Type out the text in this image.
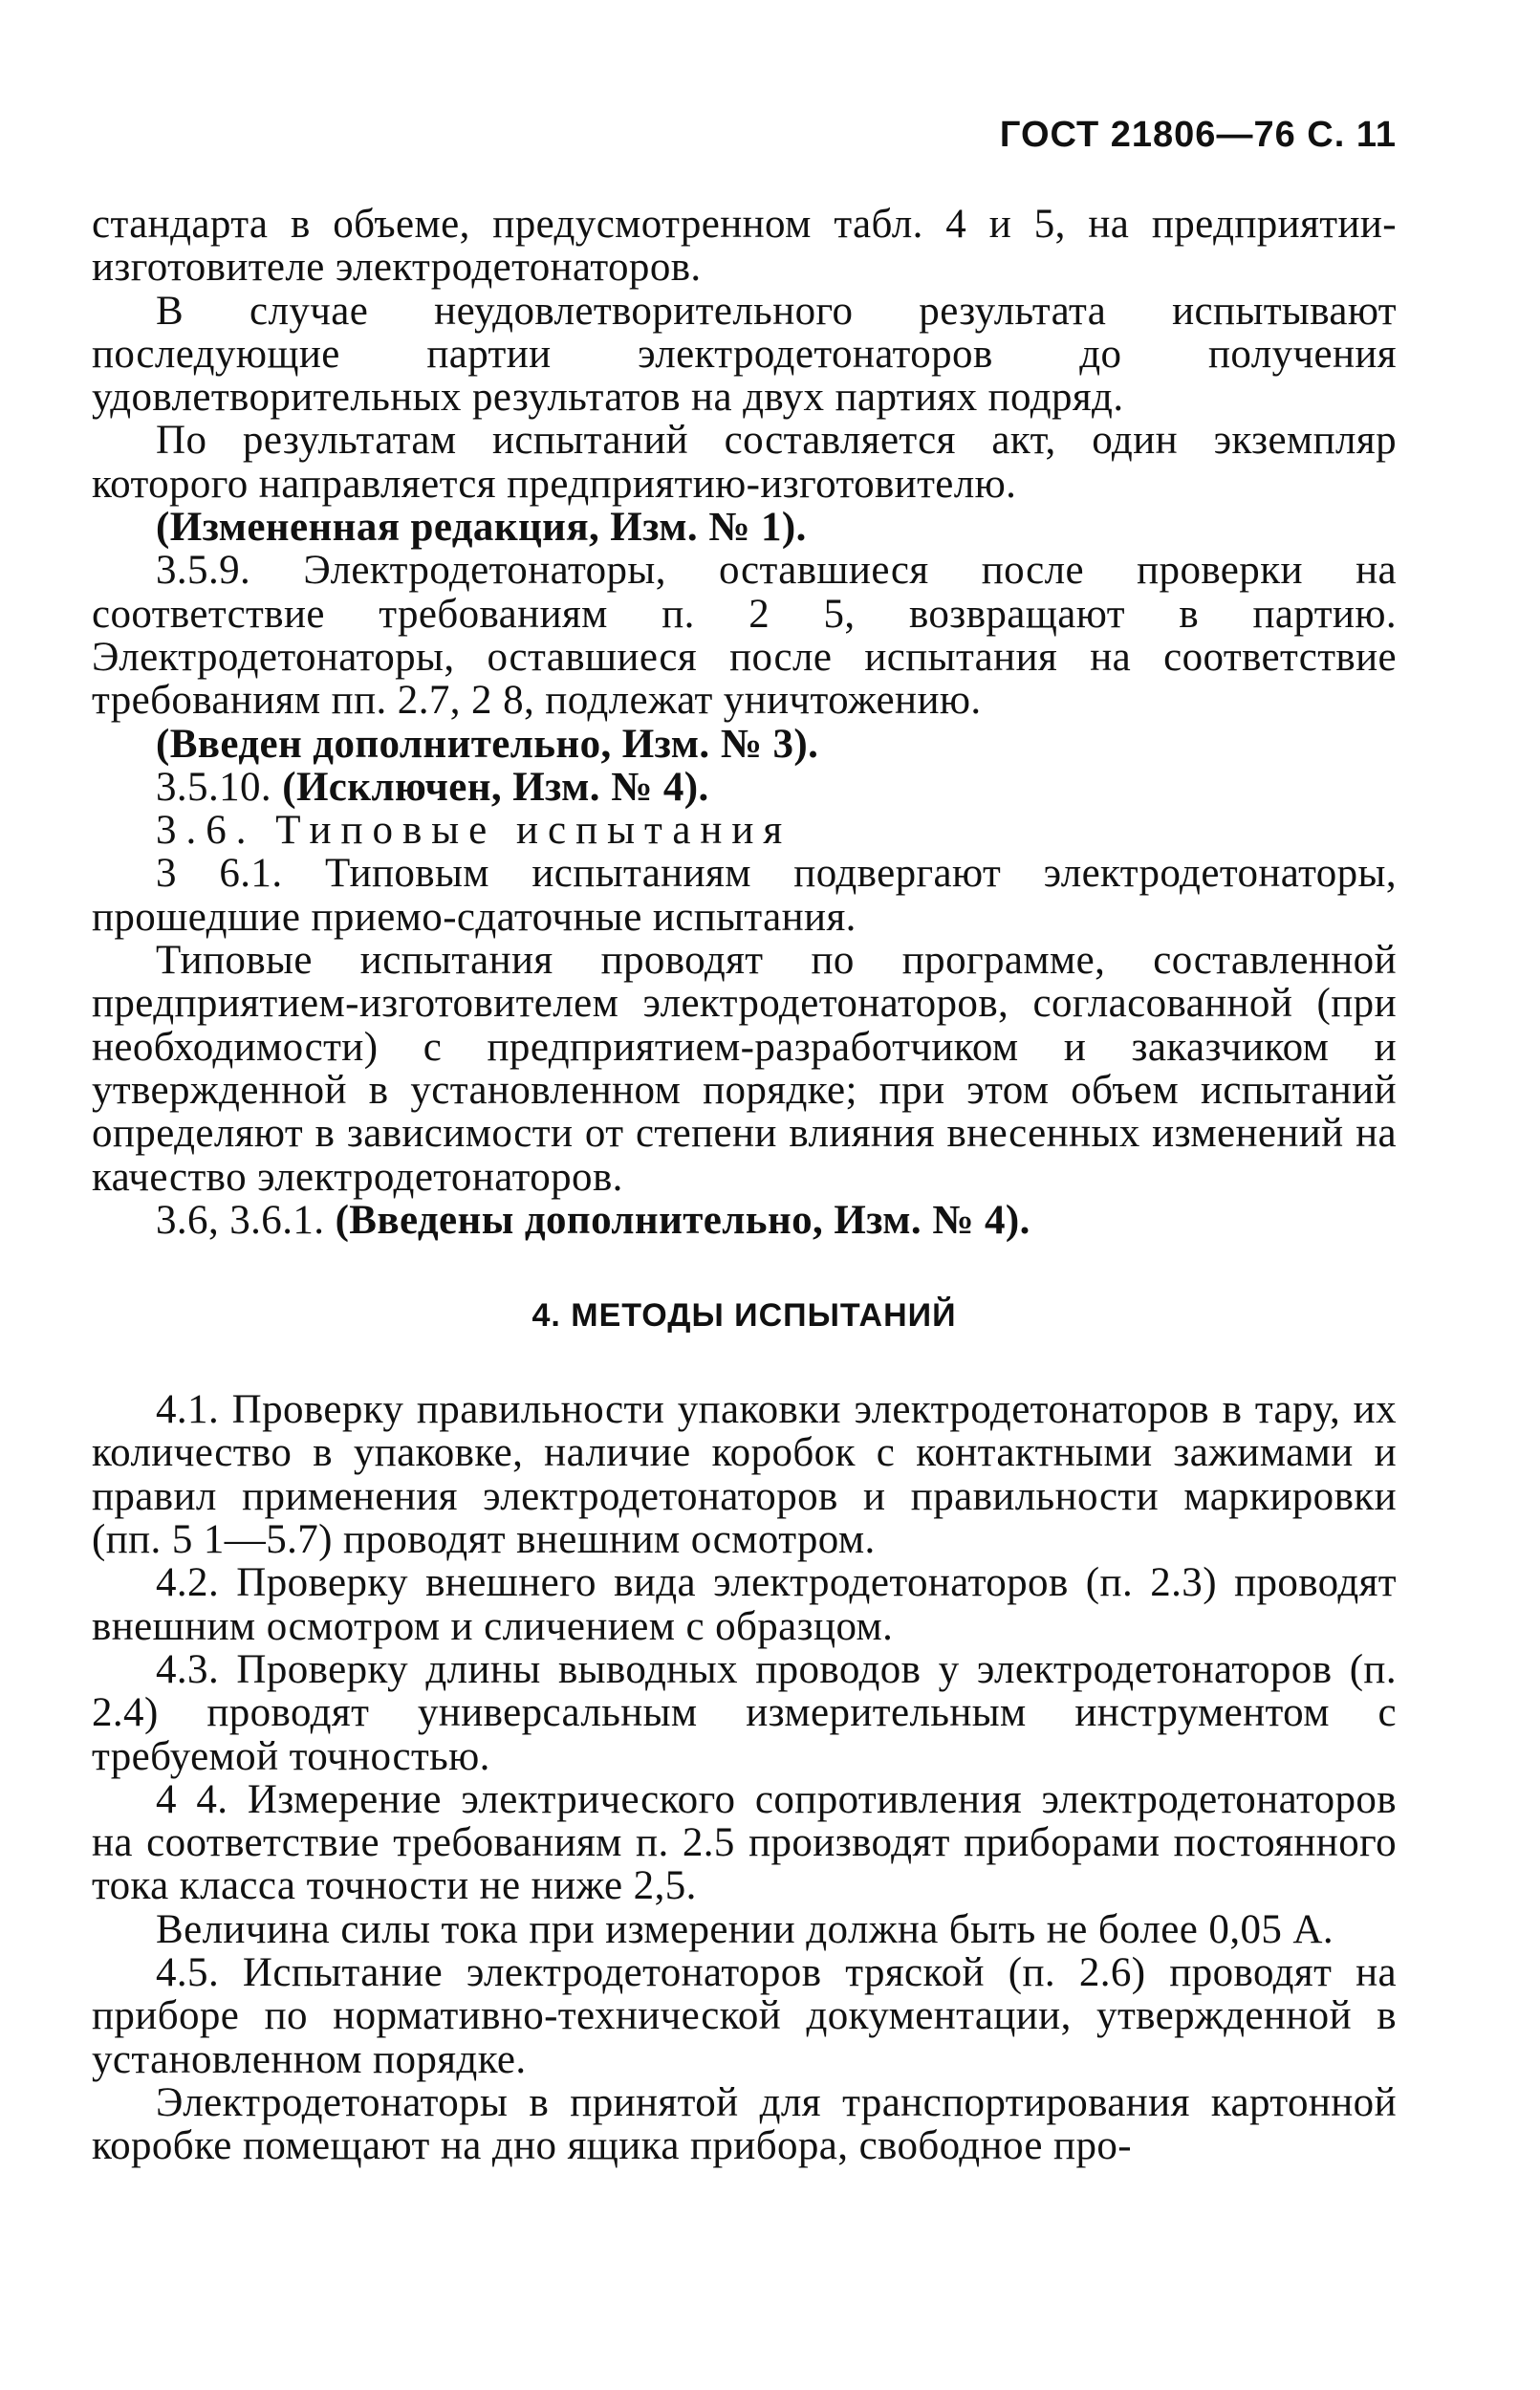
ГОСТ 21806—76 С. 11

стандарта в объеме, предусмотренном табл. 4 и 5, на предприятии-изготовителе электродетонаторов.

В случае неудовлетворительного результата испытывают последующие партии электродетонаторов до получения удовлетворительных результатов на двух партиях подряд.

По результатам испытаний составляется акт, один экземпляр которого направляется предприятию-изготовителю.

(Измененная редакция, Изм. № 1).

3.5.9. Электродетонаторы, оставшиеся после проверки на соответствие требованиям п. 2 5, возвращают в партию. Электродетонаторы, оставшиеся после испытания на соответствие требованиям пп. 2.7, 2 8, подлежат уничтожению.

(Введен дополнительно, Изм. № 3).

3.5.10. (Исключен, Изм. № 4).

3.6. Типовые испытания

3 6.1. Типовым испытаниям подвергают электродетонаторы, прошедшие приемо-сдаточные испытания.

Типовые испытания проводят по программе, составленной предприятием-изготовителем электродетонаторов, согласованной (при необходимости) с предприятием-разработчиком и заказчиком и утвержденной в установленном порядке; при этом объем испытаний определяют в зависимости от степени влияния внесенных изменений на качество электродетонаторов.

3.6, 3.6.1. (Введены дополнительно, Изм. № 4).

4. МЕТОДЫ ИСПЫТАНИЙ

4.1. Проверку правильности упаковки электродетонаторов в тару, их количество в упаковке, наличие коробок с контактными зажимами и правил применения электродетонаторов и правильности маркировки (пп. 5 1—5.7) проводят внешним осмотром.

4.2. Проверку внешнего вида электродетонаторов (п. 2.3) проводят внешним осмотром и сличением с образцом.

4.3. Проверку длины выводных проводов у электродетонаторов (п. 2.4) проводят универсальным измерительным инструментом с требуемой точностью.

4 4. Измерение электрического сопротивления электродетонаторов на соответствие требованиям п. 2.5 производят приборами постоянного тока класса точности не ниже 2,5.

Величина силы тока при измерении должна быть не более 0,05 А.

4.5. Испытание электродетонаторов тряской (п. 2.6) проводят на приборе по нормативно-технической документации, утвержденной в установленном порядке.

Электродетонаторы в принятой для транспортирования картонной коробке помещают на дно ящика прибора, свободное про-
